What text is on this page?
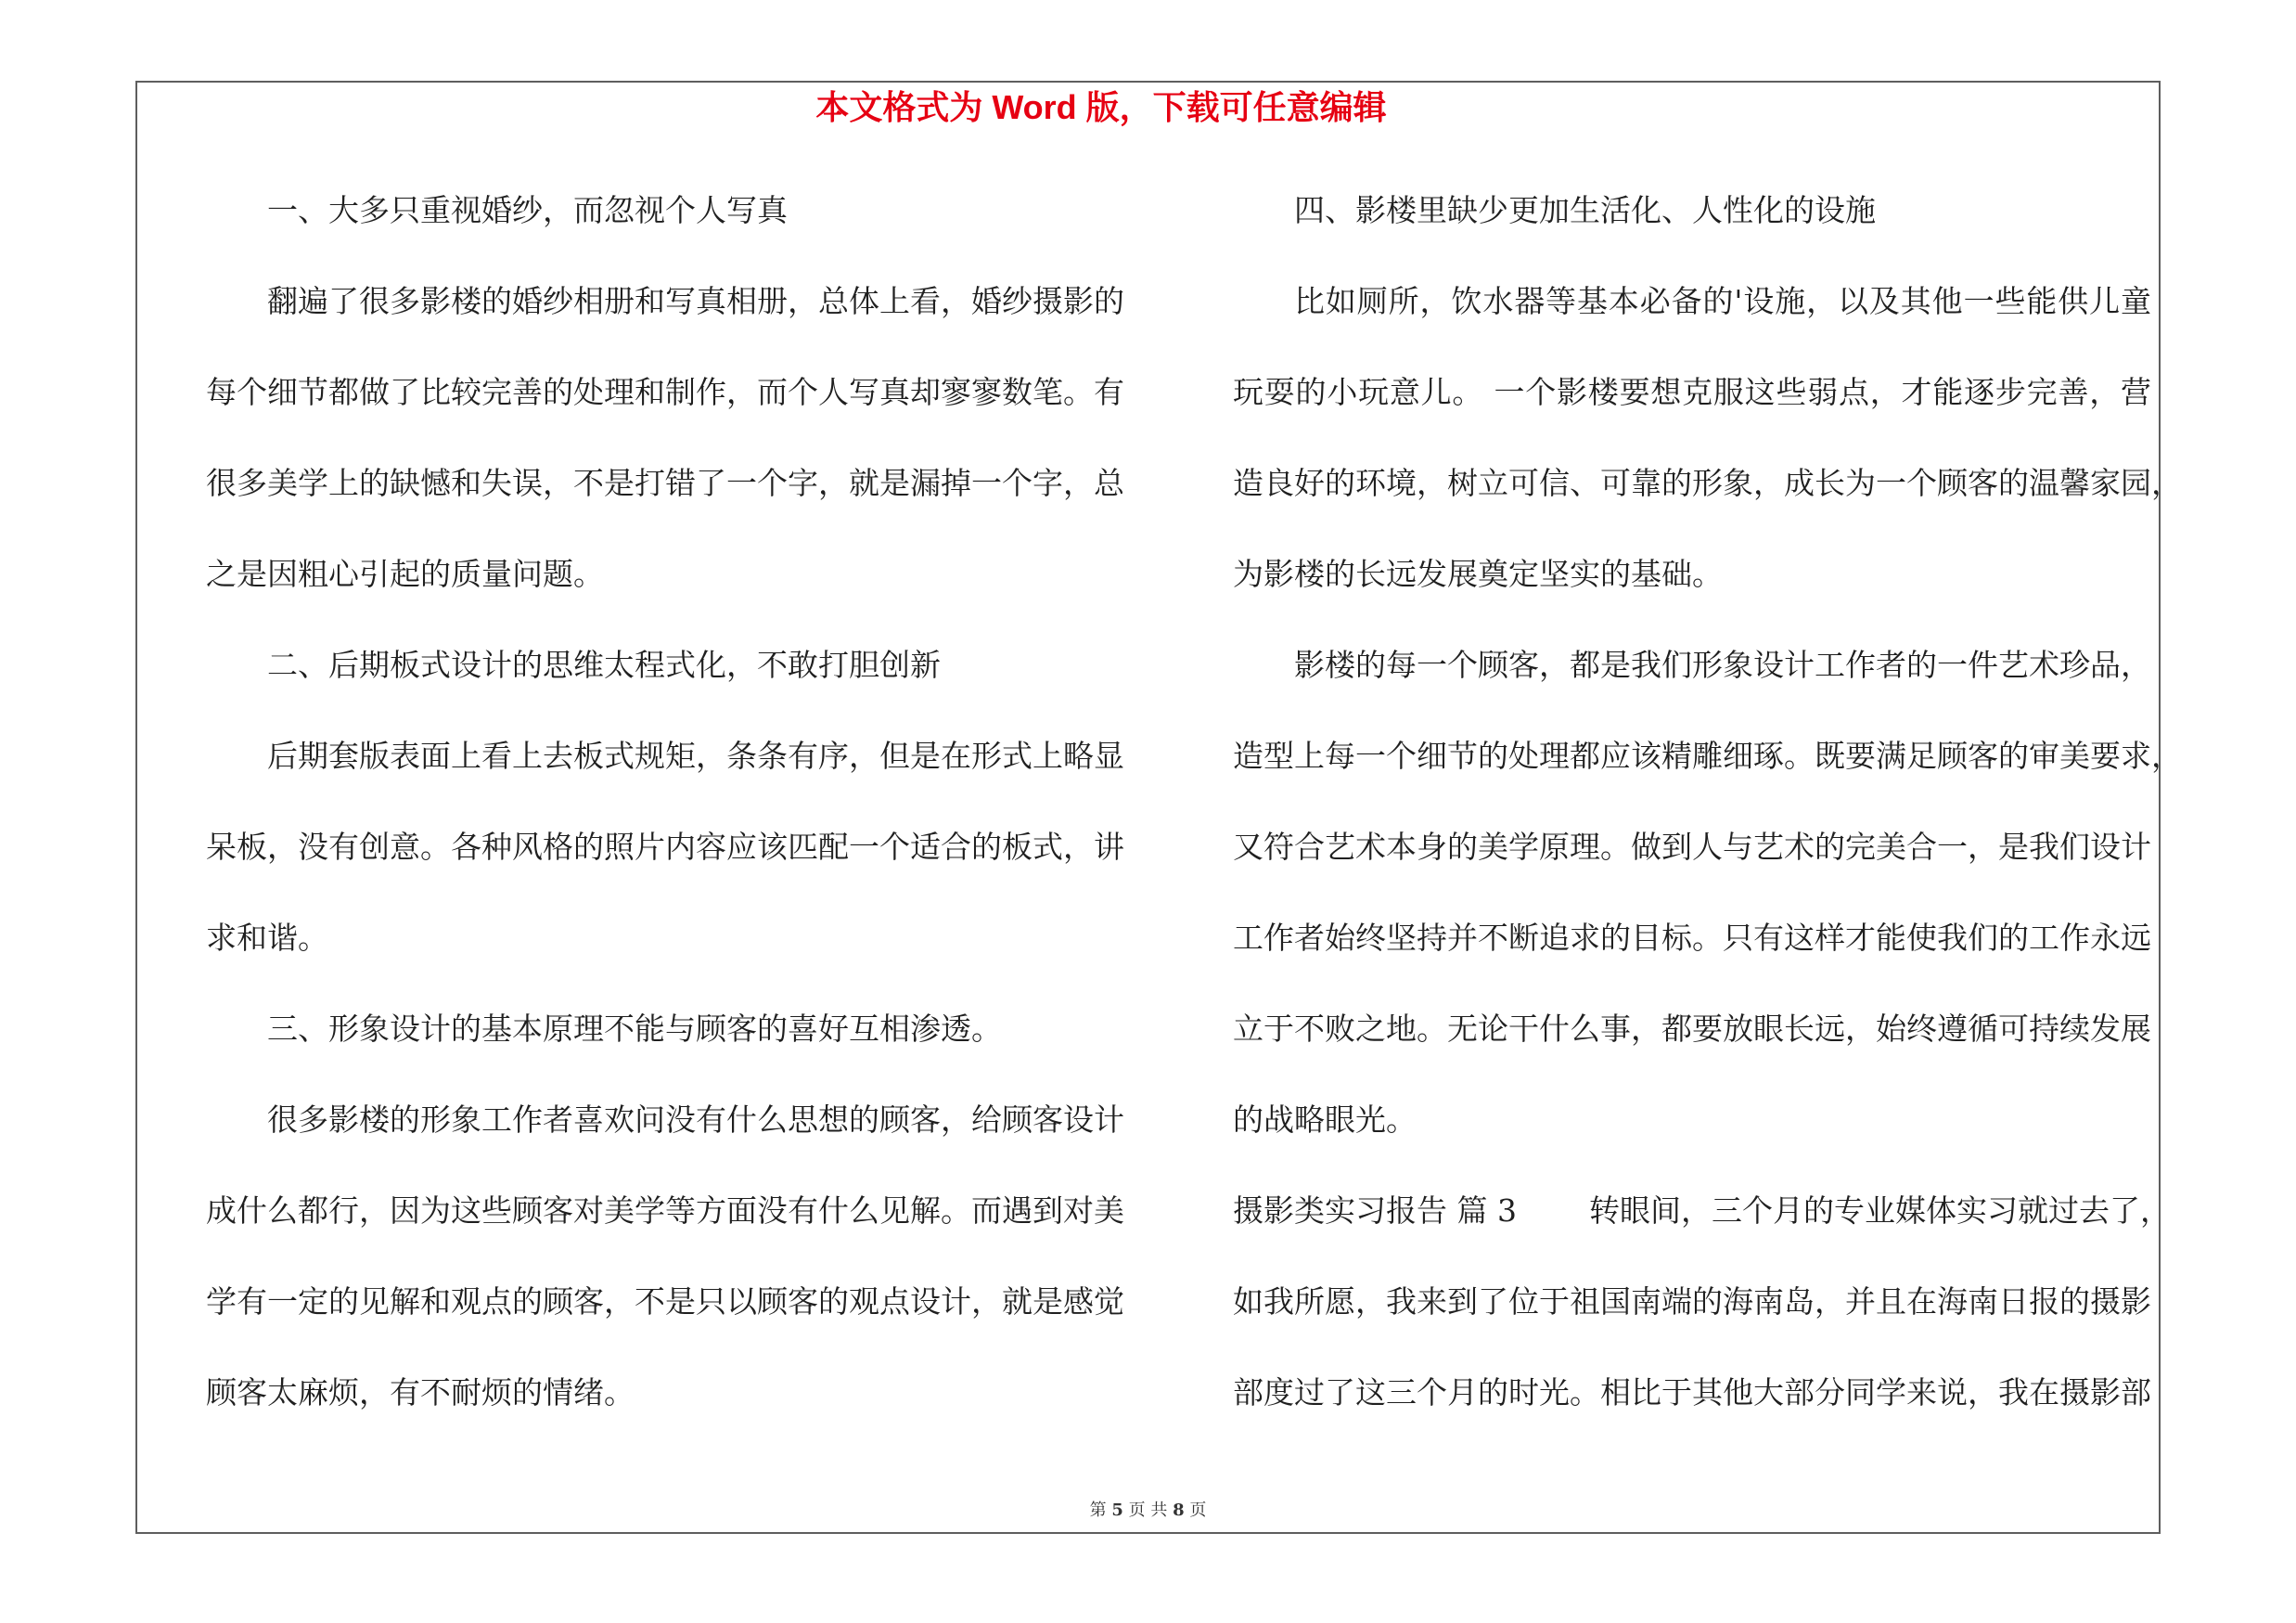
本文格式为 Word 版，下载可任意编辑
一、大多只重视婚纱，而忽视个人写真
翻遍了很多影楼的婚纱相册和写真相册，总体上看，婚纱摄影的
每个细节都做了比较完善的处理和制作，而个人写真却寥寥数笔。有
很多美学上的缺憾和失误，不是打错了一个字，就是漏掉一个字，总
之是因粗心引起的质量问题。
二、后期板式设计的思维太程式化，不敢打胆创新
后期套版表面上看上去板式规矩，条条有序，但是在形式上略显
呆板，没有创意。各种风格的照片内容应该匹配一个适合的板式，讲
求和谐。
三、形象设计的基本原理不能与顾客的喜好互相渗透。
很多影楼的形象工作者喜欢问没有什么思想的顾客，给顾客设计
成什么都行，因为这些顾客对美学等方面没有什么见解。而遇到对美
学有一定的见解和观点的顾客，不是只以顾客的观点设计，就是感觉
顾客太麻烦，有不耐烦的情绪。
四、影楼里缺少更加生活化、人性化的设施
比如厕所，饮水器等基本必备的'设施，以及其他一些能供儿童
玩耍的小玩意儿。 一个影楼要想克服这些弱点，才能逐步完善，营
造良好的环境，树立可信、可靠的形象，成长为一个顾客的温馨家园，
为影楼的长远发展奠定坚实的基础。
影楼的每一个顾客，都是我们形象设计工作者的一件艺术珍品，
造型上每一个细节的处理都应该精雕细琢。既要满足顾客的审美要求，
又符合艺术本身的美学原理。做到人与艺术的完美合一，是我们设计
工作者始终坚持并不断追求的目标。只有这样才能使我们的工作永远
立于不败之地。无论干什么事，都要放眼长远，始终遵循可持续发展
的战略眼光。
摄影类实习报告 篇 3 转眼间，三个月的专业媒体实习就过去了，
如我所愿，我来到了位于祖国南端的海南岛，并且在海南日报的摄影
部度过了这三个月的时光。相比于其他大部分同学来说，我在摄影部
第 5 页 共 8 页
